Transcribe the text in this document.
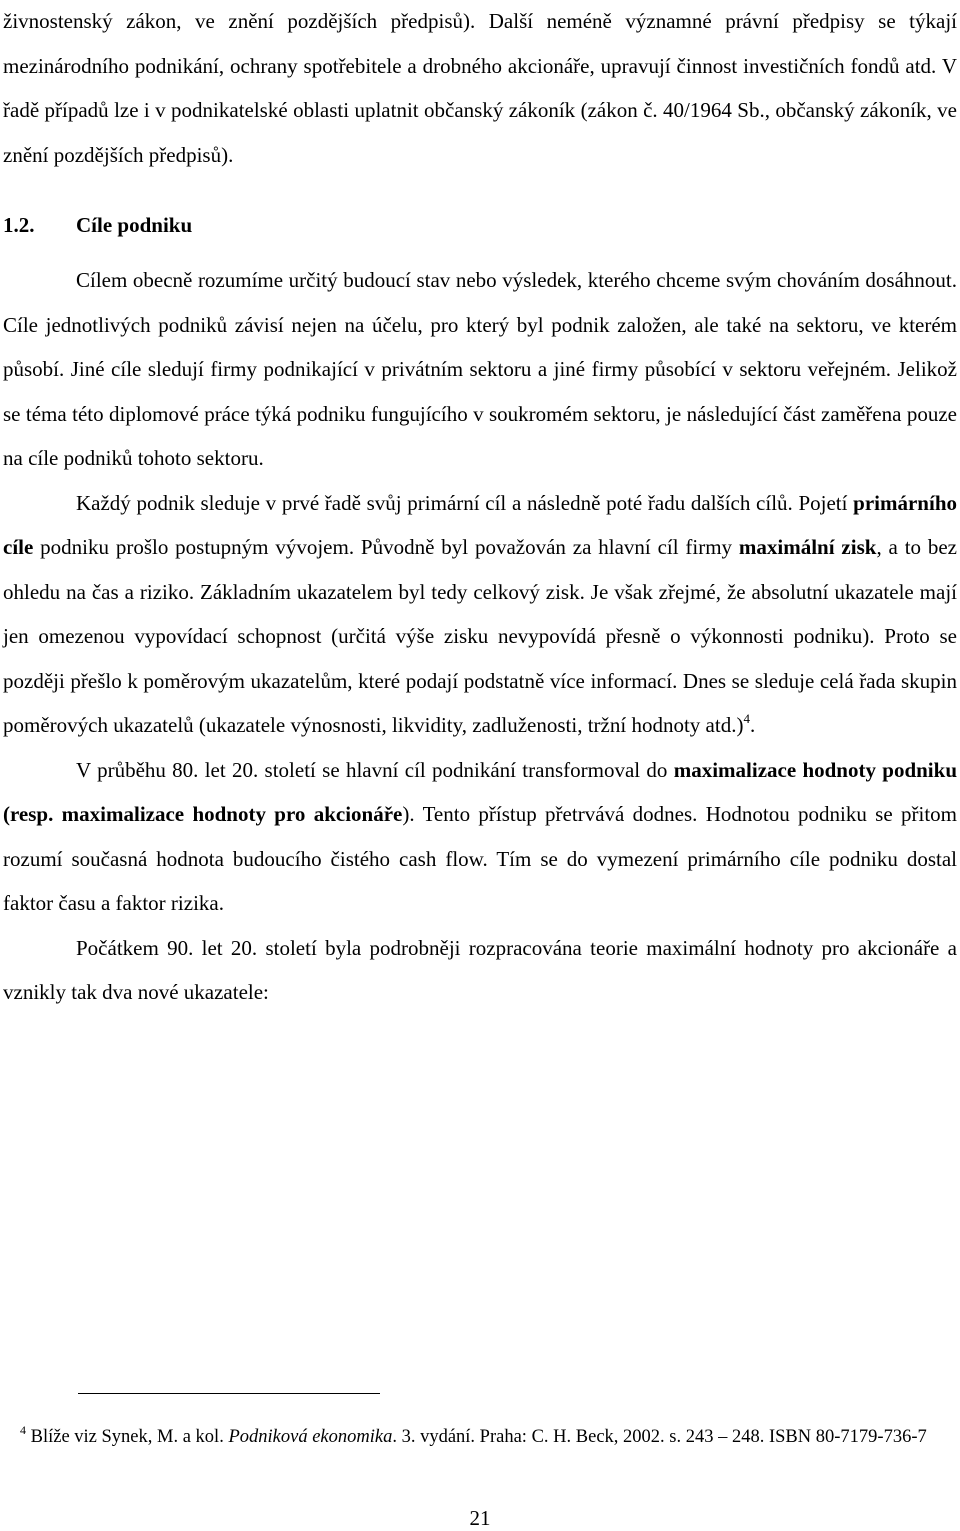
živnostenský zákon, ve znění pozdějších předpisů). Další neméně významné právní předpisy se týkají mezinárodního podnikání, ochrany spotřebitele a drobného akcionáře, upravují činnost investičních fondů atd. V řadě případů lze i v podnikatelské oblasti uplatnit občanský zákoník (zákon č. 40/1964 Sb., občanský zákoník, ve znění pozdějších předpisů).

1.2. Cíle podniku

Cílem obecně rozumíme určitý budoucí stav nebo výsledek, kterého chceme svým chováním dosáhnout. Cíle jednotlivých podniků závisí nejen na účelu, pro který byl podnik založen, ale také na sektoru, ve kterém působí. Jiné cíle sledují firmy podnikající v privátním sektoru a jiné firmy působící v sektoru veřejném. Jelikož se téma této diplomové práce týká podniku fungujícího v soukromém sektoru, je následující část zaměřena pouze na cíle podniků tohoto sektoru.

Každý podnik sleduje v prvé řadě svůj primární cíl a následně poté řadu dalších cílů. Pojetí primárního cíle podniku prošlo postupným vývojem. Původně byl považován za hlavní cíl firmy maximální zisk, a to bez ohledu na čas a riziko. Základním ukazatelem byl tedy celkový zisk. Je však zřejmé, že absolutní ukazatele mají jen omezenou vypovídací schopnost (určitá výše zisku nevypovídá přesně o výkonnosti podniku). Proto se později přešlo k poměrovým ukazatelům, které podají podstatně více informací. Dnes se sleduje celá řada skupin poměrových ukazatelů (ukazatele výnosnosti, likvidity, zadluženosti, tržní hodnoty atd.)$^4$.

V průběhu 80. let 20. století se hlavní cíl podnikání transformoval do maximalizace hodnoty podniku (resp. maximalizace hodnoty pro akcionáře). Tento přístup přetrvává dodnes. Hodnotou podniku se přitom rozumí současná hodnota budoucího čistého cash flow. Tím se do vymezení primárního cíle podniku dostal faktor času a faktor rizika.

Počátkem 90. let 20. století byla podrobněji rozpracována teorie maximální hodnoty pro akcionáře a vznikly tak dva nové ukazatele:

$^4$ Blíže viz Synek, M. a kol. Podniková ekonomika. 3. vydání. Praha: C. H. Beck, 2002. s. 243 – 248. ISBN 80-7179-736-7

21
